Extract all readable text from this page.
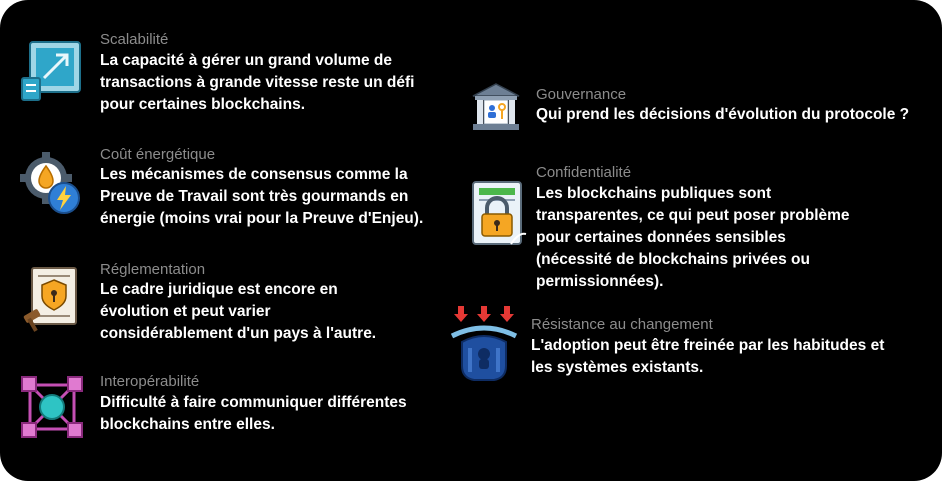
Scalabilité
La capacité à gérer un grand volume de
transactions à grande vitesse reste un défi
pour certaines blockchains.
Coût énergétique
Les mécanismes de consensus comme la
Preuve de Travail sont très gourmands en
énergie (moins vrai pour la Preuve d'Enjeu).
Réglementation
Le cadre juridique est encore en
évolution et peut varier
considérablement d'un pays à l'autre.
Interopérabilité
Difficulté à faire communiquer différentes
blockchains entre elles.
Gouvernance
Qui prend les décisions d'évolution du protocole ?
Confidentialité
Les blockchains publiques sont
transparentes, ce qui peut poser problème
pour certaines données sensibles
(nécessité de blockchains privées ou
permissionnées).
Résistance au changement
L'adoption peut être freinée par les habitudes et
les systèmes existants.
